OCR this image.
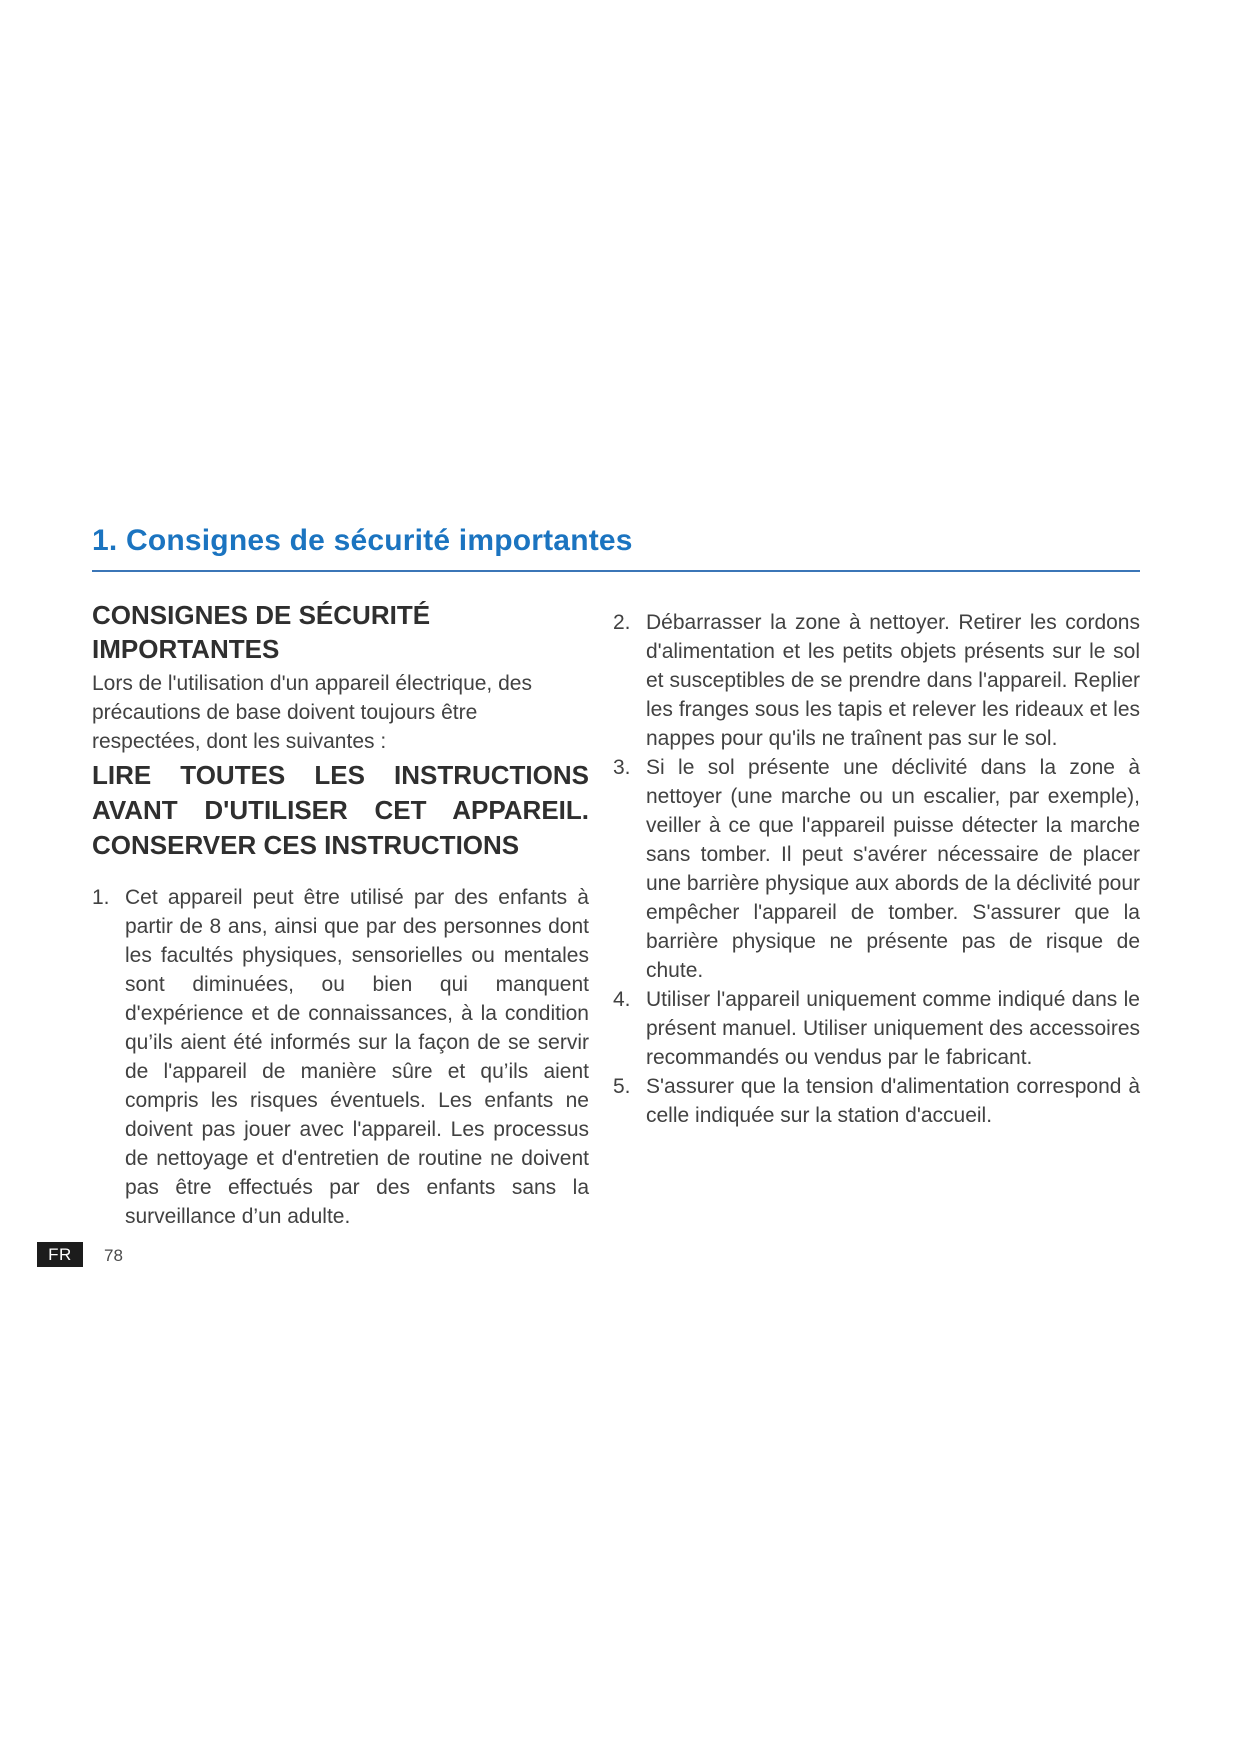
1. Consignes de sécurité importantes
CONSIGNES DE SÉCURITÉ IMPORTANTES

Lors de l'utilisation d'un appareil électrique, des précautions de base doivent toujours être respectées, dont les suivantes :

LIRE TOUTES LES INSTRUCTIONS AVANT D'UTILISER CET APPAREIL. CONSERVER CES INSTRUCTIONS
1. Cet appareil peut être utilisé par des enfants à partir de 8 ans, ainsi que par des personnes dont les facultés physiques, sensorielles ou mentales sont diminuées, ou bien qui manquent d'expérience et de connaissances, à la condition qu’ils aient été informés sur la façon de se servir de l'appareil de manière sûre et qu’ils aient compris les risques éventuels. Les enfants ne doivent pas jouer avec l'appareil. Les processus de nettoyage et d'entretien de routine ne doivent pas être effectués par des enfants sans la surveillance d’un adulte.
2. Débarrasser la zone à nettoyer. Retirer les cordons d'alimentation et les petits objets présents sur le sol et susceptibles de se prendre dans l'appareil. Replier les franges sous les tapis et relever les rideaux et les nappes pour qu'ils ne traînent pas sur le sol.
3. Si le sol présente une déclivité dans la zone à nettoyer (une marche ou un escalier, par exemple), veiller à ce que l'appareil puisse détecter la marche sans tomber. Il peut s'avérer nécessaire de placer une barrière physique aux abords de la déclivité pour empêcher l'appareil de tomber. S'assurer que la barrière physique ne présente pas de risque de chute.
4. Utiliser l'appareil uniquement comme indiqué dans le présent manuel. Utiliser uniquement des accessoires recommandés ou vendus par le fabricant.
5. S'assurer que la tension d'alimentation correspond à celle indiquée sur la station d'accueil.
FR	78
